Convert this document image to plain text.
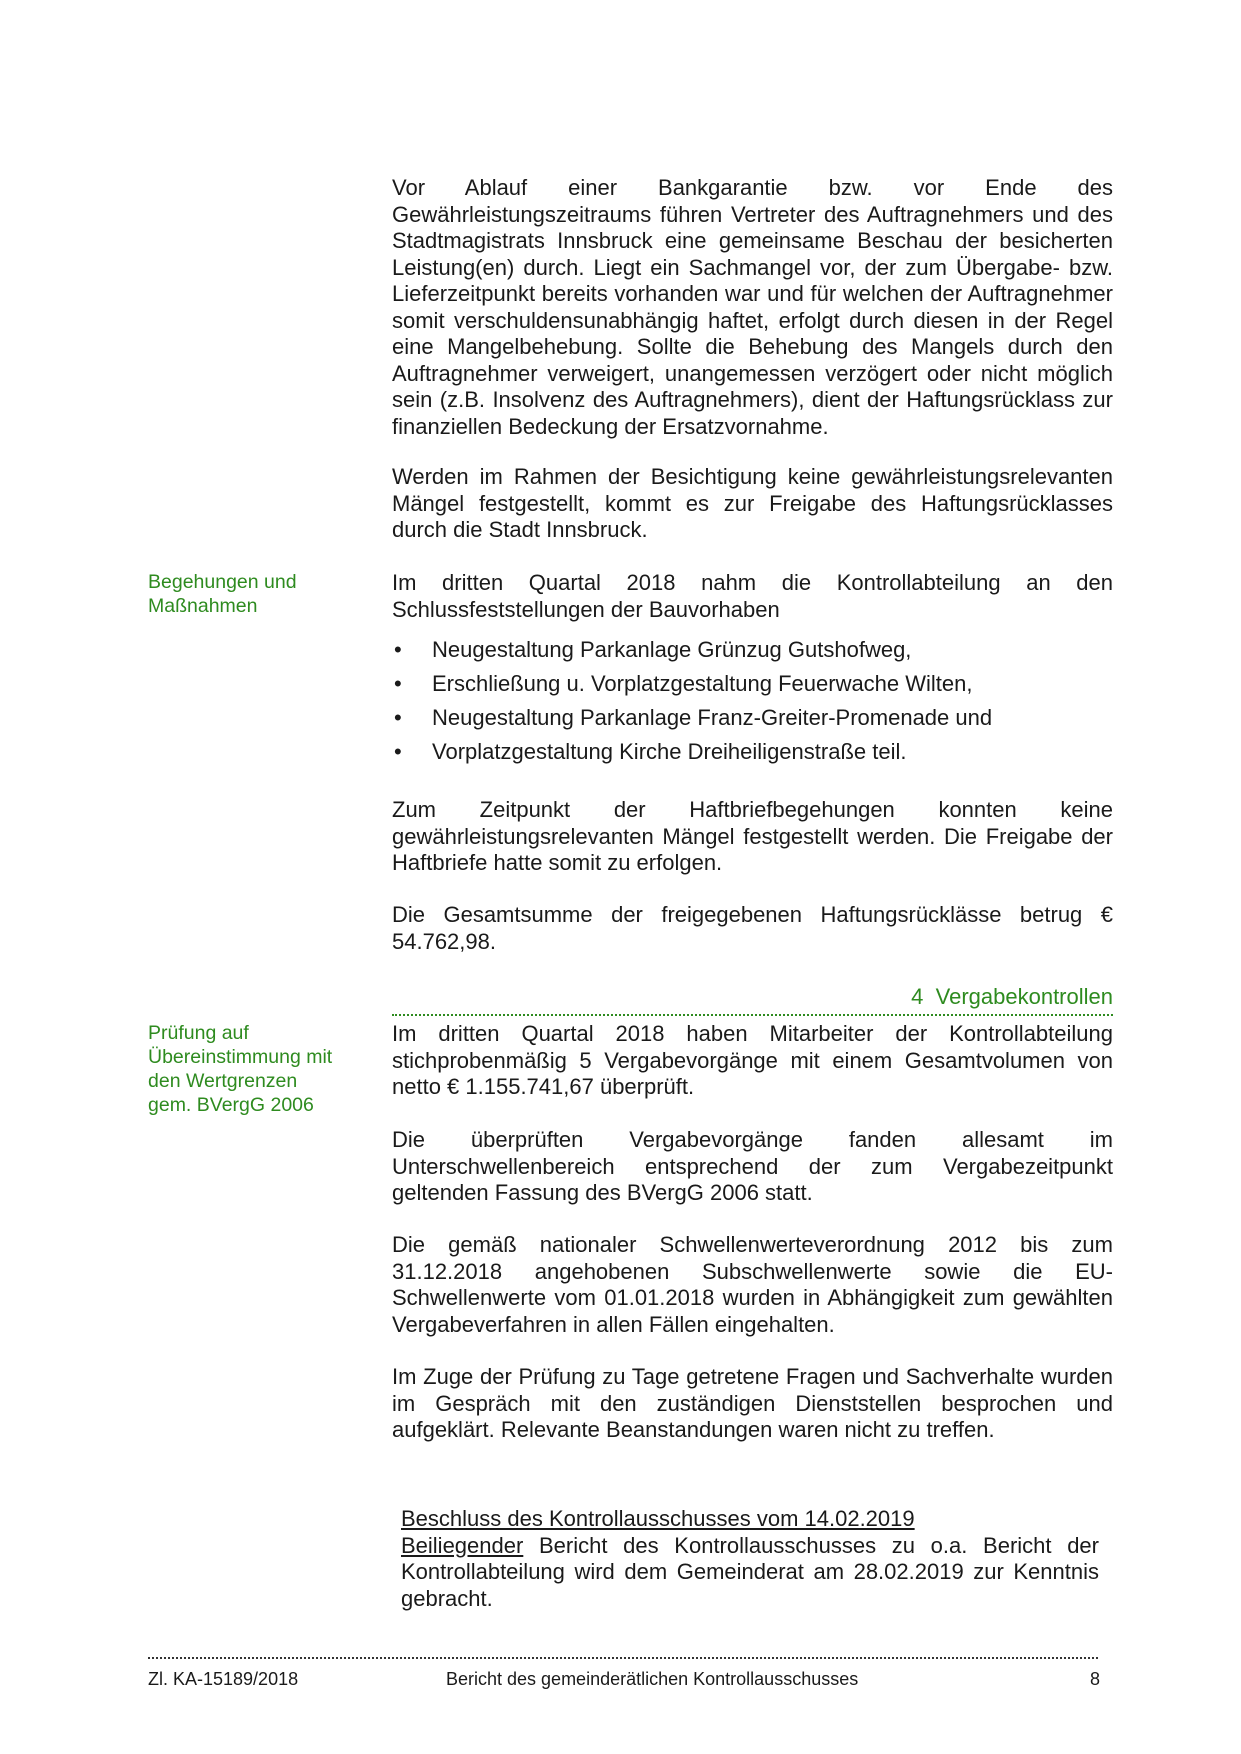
Vor Ablauf einer Bankgarantie bzw. vor Ende des Gewährleistungszeitraums führen Vertreter des Auftragnehmers und des Stadtmagistrats Innsbruck eine gemeinsame Beschau der besicherten Leistung(en) durch. Liegt ein Sachmangel vor, der zum Übergabe- bzw. Lieferzeitpunkt bereits vorhanden war und für welchen der Auftragnehmer somit verschuldensunabhängig haftet, erfolgt durch diesen in der Regel eine Mangelbehebung. Sollte die Behebung des Mangels durch den Auftragnehmer verweigert, unangemessen verzögert oder nicht möglich sein (z.B. Insolvenz des Auftragnehmers), dient der Haftungsrücklass zur finanziellen Bedeckung der Ersatzvornahme.

Werden im Rahmen der Besichtigung keine gewährleistungsrelevanten Mängel festgestellt, kommt es zur Freigabe des Haftungsrücklasses durch die Stadt Innsbruck.

Begehungen und
Maßnahmen

Im dritten Quartal 2018 nahm die Kontrollabteilung an den Schlussfeststellungen der Bauvorhaben

• Neugestaltung Parkanlage Grünzug Gutshofweg,
• Erschließung u. Vorplatzgestaltung Feuerwache Wilten,
• Neugestaltung Parkanlage Franz-Greiter-Promenade und
• Vorplatzgestaltung Kirche Dreiheiligenstraße teil.

Zum Zeitpunkt der Haftbriefbegehungen konnten keine gewährleistungsrelevanten Mängel festgestellt werden. Die Freigabe der Haftbriefe hatte somit zu erfolgen.

Die Gesamtsumme der freigegebenen Haftungsrücklässe betrug € 54.762,98.

4 Vergabekontrollen
Prüfung auf
Übereinstimmung mit
den Wertgrenzen
gem. BVergG 2006

Im dritten Quartal 2018 haben Mitarbeiter der Kontrollabteilung stichprobenmäßig 5 Vergabevorgänge mit einem Gesamtvolumen von netto € 1.155.741,67 überprüft.

Die überprüften Vergabevorgänge fanden allesamt im Unterschwellenbereich entsprechend der zum Vergabezeitpunkt geltenden Fassung des BVergG 2006 statt.

Die gemäß nationaler Schwellenwerteverordnung 2012 bis zum 31.12.2018 angehobenen Subschwellenwerte sowie die EU-Schwellenwerte vom 01.01.2018 wurden in Abhängigkeit zum gewählten Vergabeverfahren in allen Fällen eingehalten.

Im Zuge der Prüfung zu Tage getretene Fragen und Sachverhalte wurden im Gespräch mit den zuständigen Dienststellen besprochen und aufgeklärt. Relevante Beanstandungen waren nicht zu treffen.

Beschluss des Kontrollausschusses vom 14.02.2019

Beiliegender Bericht des Kontrollausschusses zu o.a. Bericht der Kontrollabteilung wird dem Gemeinderat am 28.02.2019 zur Kenntnis gebracht.

Zl. KA-15189/2018	Bericht des gemeinderätlichen Kontrollausschusses	8
